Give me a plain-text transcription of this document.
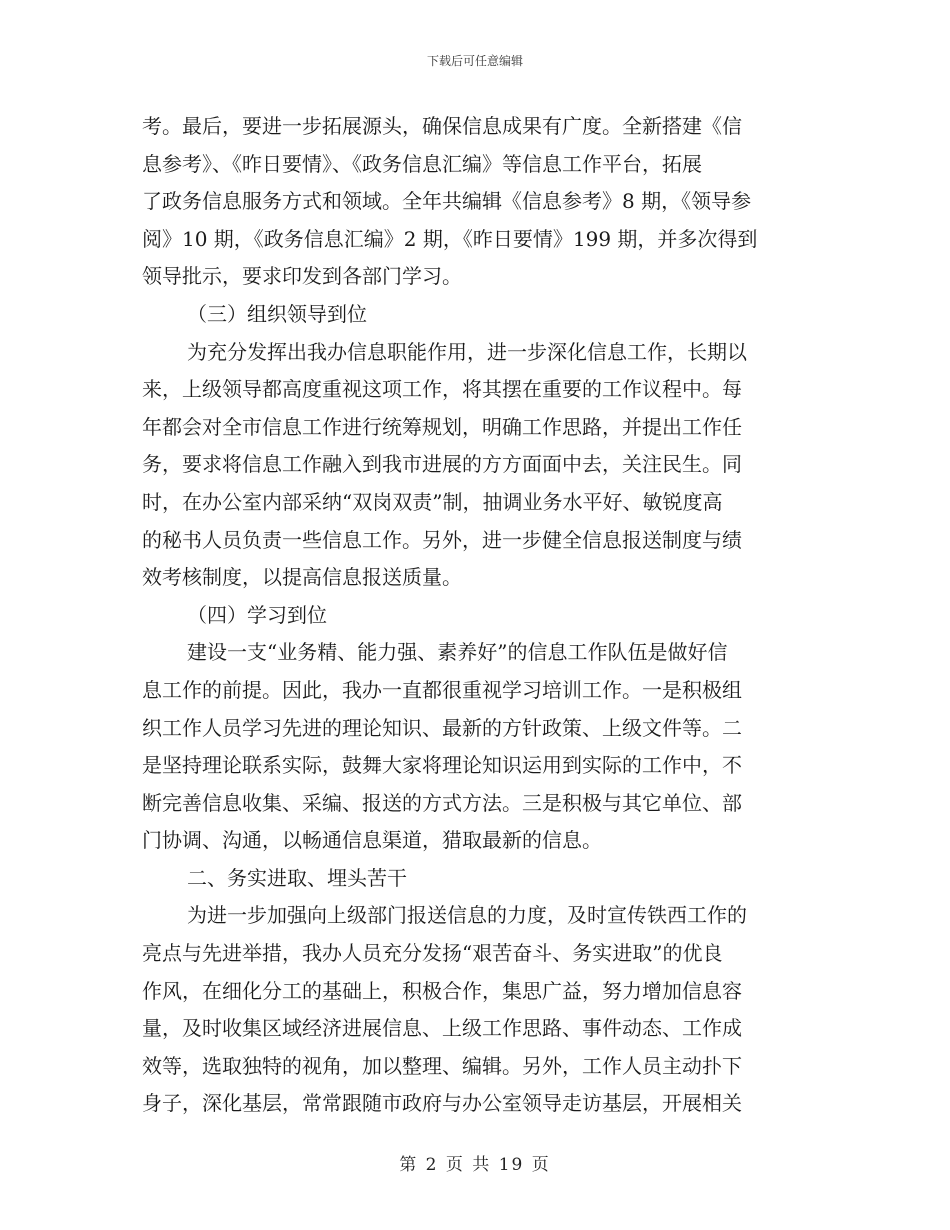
下载后可任意编辑
考。最后，要进一步拓展源头，确保信息成果有广度。全新搭建《信
息参考》、《昨日要情》、《政务信息汇编》等信息工作平台，拓展
了政务信息服务方式和领域。全年共编辑《信息参考》8 期，《领导参
阅》10 期，《政务信息汇编》2 期，《昨日要情》199 期，并多次得到
领导批示，要求印发到各部门学习。
（三）组织领导到位
为充分发挥出我办信息职能作用，进一步深化信息工作，长期以
来，上级领导都高度重视这项工作，将其摆在重要的工作议程中。每
年都会对全市信息工作进行统筹规划，明确工作思路，并提出工作任
务，要求将信息工作融入到我市进展的方方面面中去，关注民生。同
时，在办公室内部采纳“双岗双责”制，抽调业务水平好、敏锐度高
的秘书人员负责一些信息工作。另外，进一步健全信息报送制度与绩
效考核制度，以提高信息报送质量。
（四）学习到位
建设一支“业务精、能力强、素养好”的信息工作队伍是做好信
息工作的前提。因此，我办一直都很重视学习培训工作。一是积极组
织工作人员学习先进的理论知识、最新的方针政策、上级文件等。二
是坚持理论联系实际，鼓舞大家将理论知识运用到实际的工作中，不
断完善信息收集、采编、报送的方式方法。三是积极与其它单位、部
门协调、沟通，以畅通信息渠道，猎取最新的信息。
二、务实进取、埋头苦干
为进一步加强向上级部门报送信息的力度，及时宣传铁西工作的
亮点与先进举措，我办人员充分发扬“艰苦奋斗、务实进取”的优良
作风，在细化分工的基础上，积极合作，集思广益，努力增加信息容
量，及时收集区域经济进展信息、上级工作思路、事件动态、工作成
效等，选取独特的视角，加以整理、编辑。另外，工作人员主动扑下
身子，深化基层，常常跟随市政府与办公室领导走访基层，开展相关
第 2 页 共 19 页
